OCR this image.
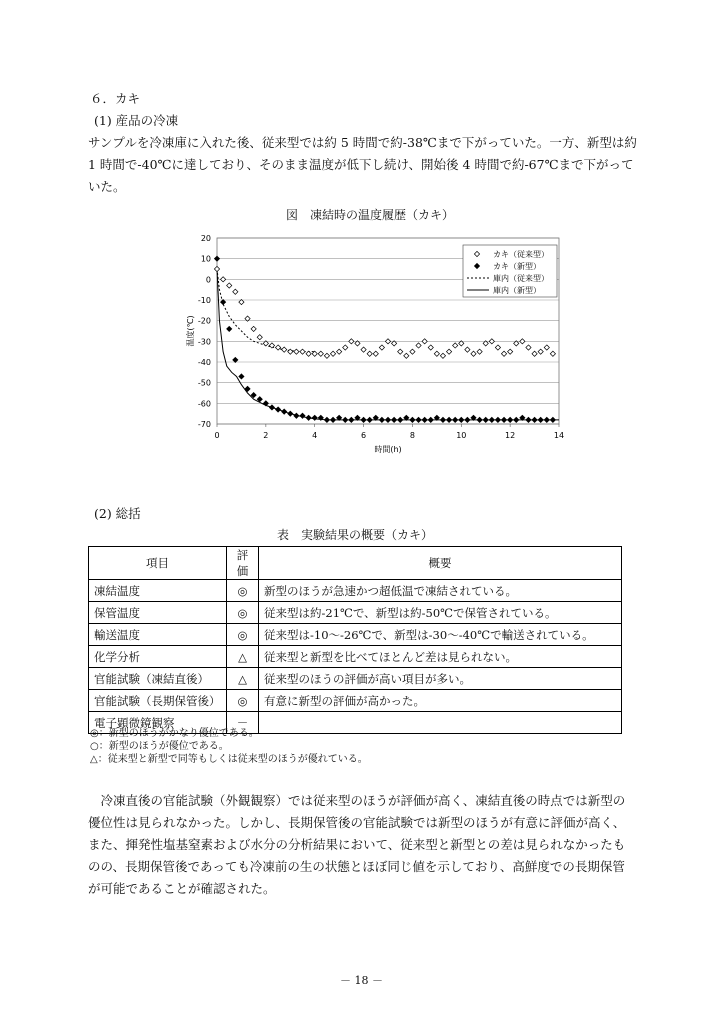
６．カキ
(1) 産品の冷凍
サンプルを冷凍庫に入れた後、従来型では約 5 時間で約-38℃まで下がっていた。一方、新型は約
1 時間で-40℃に達しており、そのまま温度が低下し続け、開始後 4 時間で約-67℃まで下がって
いた。
図　凍結時の温度履歴（カキ）
20
10
0
-10
-20
-30
-40
-50
-60
-70
0	2	4	6	8	10	12	14
時間(h)
温度(℃)
カキ（従来型）
カキ（新型）
庫内（従来型）
庫内（新型）
(2) 総括
表　実験結果の概要（カキ）
項目	評価	概要
凍結温度	◎	新型のほうが急速かつ超低温で凍結されている。
保管温度	◎	従来型は約-21℃で、新型は約-50℃で保管されている。
輸送温度	◎	従来型は-10～-26℃で、新型は-30～-40℃で輸送されている。
化学分析	△	従来型と新型を比べてほとんど差は見られない。
官能試験（凍結直後）	△	従来型のほうの評価が高い項目が多い。
官能試験（長期保管後）	◎	有意に新型の評価が高かった。
電子顕微鏡観察	－	
◎：新型のほうがかなり優位である。
○：新型のほうが優位である。
△：従来型と新型で同等もしくは従来型のほうが優れている。
　冷凍直後の官能試験（外観観察）では従来型のほうが評価が高く、凍結直後の時点では新型の
優位性は見られなかった。しかし、長期保管後の官能試験では新型のほうが有意に評価が高く、
また、揮発性塩基窒素および水分の分析結果において、従来型と新型との差は見られなかったも
のの、長期保管後であっても冷凍前の生の状態とほぼ同じ値を示しており、高鮮度での長期保管
が可能であることが確認された。
－ 18 －
